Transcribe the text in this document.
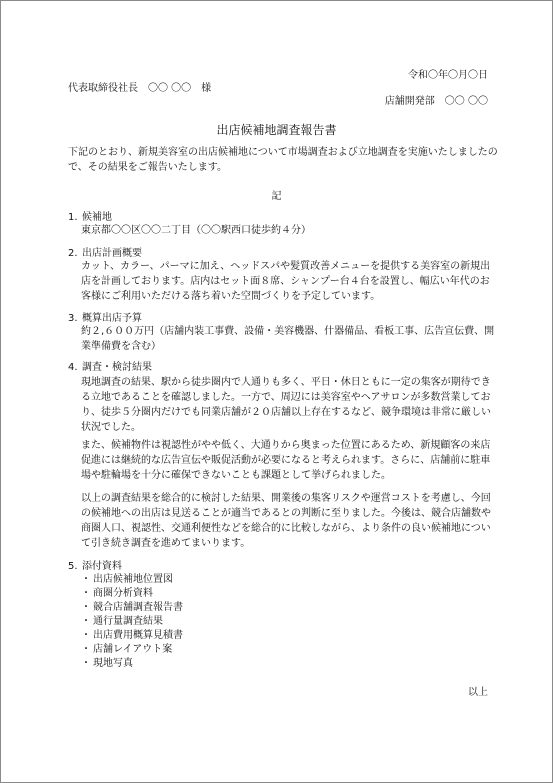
令和〇年〇月〇日
代表取締役社長　〇〇 〇〇　様
店舗開発部　〇〇 〇〇
出店候補地調査報告書
下記のとおり、新規美容室の出店候補地について市場調査および立地調査を実施いたしましたので、その結果をご報告いたします。
記
1. 候補地
東京都〇〇区〇〇二丁目（〇〇駅西口徒歩約４分）
2. 出店計画概要
カット、カラー、パーマに加え、ヘッドスパや髪質改善メニューを提供する美容室の新規出店を計画しております。店内はセット面８席、シャンプー台４台を設置し、幅広い年代のお客様にご利用いただける落ち着いた空間づくりを予定しています。
3. 概算出店予算
約２,６００万円（店舗内装工事費、設備・美容機器、什器備品、看板工事、広告宣伝費、開業準備費を含む）
4. 調査・検討結果
現地調査の結果、駅から徒歩圏内で人通りも多く、平日・休日ともに一定の集客が期待できる立地であることを確認しました。一方で、周辺には美容室やヘアサロンが多数営業しており、徒歩５分圏内だけでも同業店舗が２０店舗以上存在するなど、競争環境は非常に厳しい状況でした。
また、候補物件は視認性がやや低く、大通りから奥まった位置にあるため、新規顧客の来店促進には継続的な広告宣伝や販促活動が必要になると考えられます。さらに、店舗前に駐車場や駐輪場を十分に確保できないことも課題として挙げられました。
以上の調査結果を総合的に検討した結果、開業後の集客リスクや運営コストを考慮し、今回の候補地への出店は見送ることが適当であるとの判断に至りました。今後は、競合店舗数や商圏人口、視認性、交通利便性などを総合的に比較しながら、より条件の良い候補地について引き続き調査を進めてまいります。
5. 添付資料
・ 出店候補地位置図
・ 商圏分析資料
・ 競合店舗調査報告書
・ 通行量調査結果
・ 出店費用概算見積書
・ 店舗レイアウト案
・ 現地写真
以上
